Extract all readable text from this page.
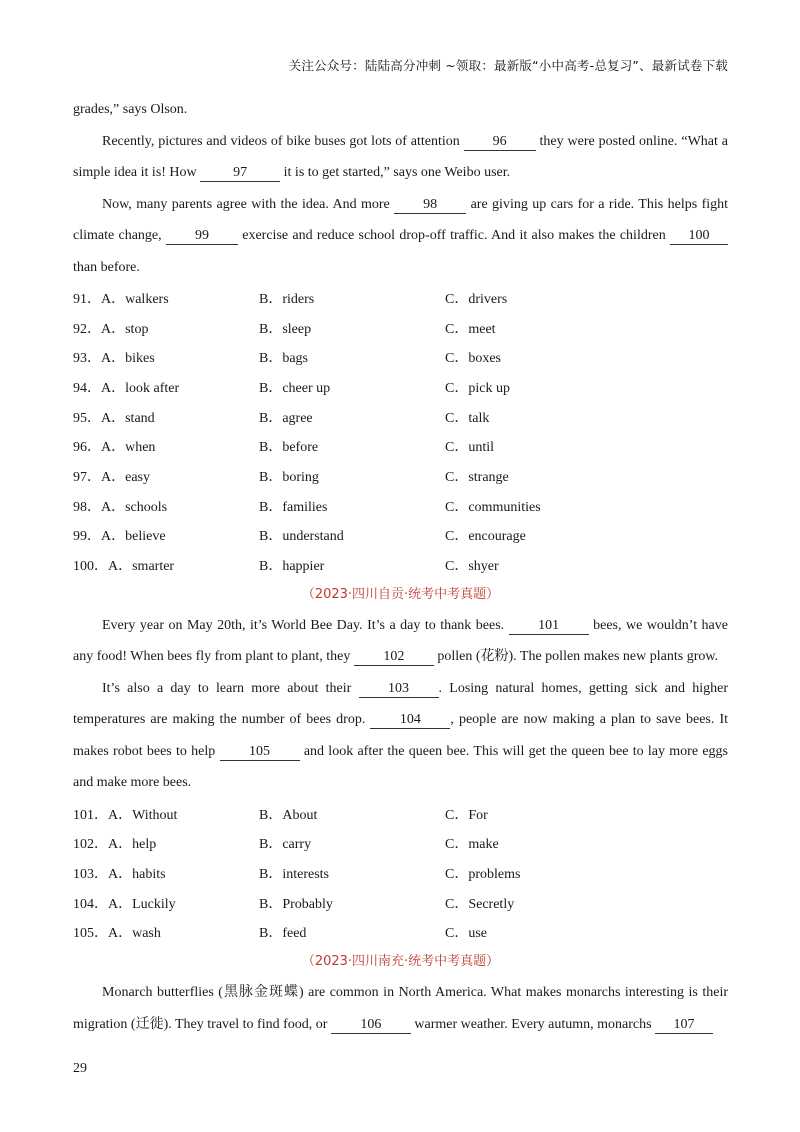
关注公众号：陆陆高分冲刺 ~领取：最新版“小中高考-总复习”、最新试卷下载

grades,” says Olson.

Recently, pictures and videos of bike buses got lots of attention 96 they were posted online. “What a simple idea it is! How 97 it is to get started,” says one Weibo user.

Now, many parents agree with the idea. And more 98 are giving up cars for a ride. This helps fight climate change, 99 exercise and reduce school drop-off traffic. And it also makes the children 100 than before.

91．A．walkers	B．riders	C．drivers
92．A．stop	B．sleep	C．meet
93．A．bikes	B．bags	C．boxes
94．A．look after	B．cheer up	C．pick up
95．A．stand	B．agree	C．talk
96．A．when	B．before	C．until
97．A．easy	B．boring	C．strange
98．A．schools	B．families	C．communities
99．A．believe	B．understand	C．encourage
100．A．smarter	B．happier	C．shyer
（2023·四川自贡·统考中考真题）

Every year on May 20th, it’s World Bee Day. It’s a day to thank bees. 101 bees, we wouldn’t have any food! When bees fly from plant to plant, they 102 pollen (花粉). The pollen makes new plants grow.

It’s also a day to learn more about their 103 . Losing natural homes, getting sick and higher temperatures are making the number of bees drop. 104 , people are now making a plan to save bees. It makes robot bees to help 105 and look after the queen bee. This will get the queen bee to lay more eggs and make more bees.

101．A．Without	B．About	C．For
102．A．help	B．carry	C．make
103．A．habits	B．interests	C．problems
104．A．Luckily	B．Probably	C．Secretly
105．A．wash	B．feed	C．use
（2023·四川南充·统考中考真题）

Monarch butterflies (黑脉金斑蝶) are common in North America. What makes monarchs interesting is their migration (迁徙). They travel to find food, or 106 warmer weather. Every autumn, monarchs 107

29
